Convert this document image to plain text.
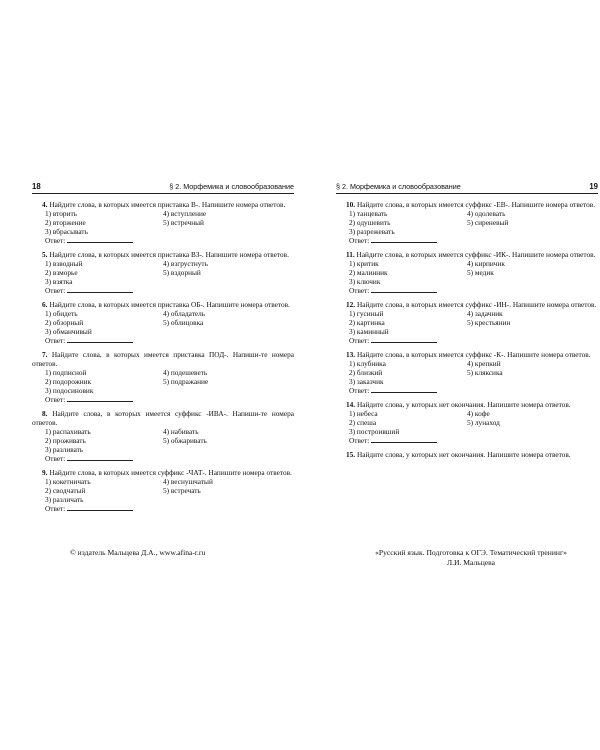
18	§ 2. Морфемика и словообразование
4. Найдите слова, в которых имеется приставка В-. Напишите номера ответов.
1) вторить	4) вступление
2) вторжение	5) встречный
3) вбрасывать
Ответ:
5. Найдите слова, в которых имеется приставка ВЗ-. Напишите номера ответов.
1) взводный	4) взгрустнуть
2) взморье	5) вздорный
3) взятка
Ответ:
6. Найдите слова, в которых имеется приставка ОБ-. Напишите номера ответов.
1) обидеть	4) обладатель
2) обзорный	5) облицовка
3) обманчивый
Ответ:
7. Найдите слова, в которых имеется приставка ПОД-. Напиши-те номера ответов.
1) подписной	4) подешеветь
2) подорожник	5) подражание
3) подосиновик
Ответ:
8. Найдите слова, в которых имеется суффикс -ИВА-. Напиши-те номера ответов.
1) распахивать	4) набивать
2) проживать	5) обжаривать
3) разливать
Ответ:
9. Найдите слова, в которых имеется суффикс -ЧАТ-. Напишите номера ответов.
1) кокетничать	4) веснушчатый
2) сводчатый	5) встречать
3) различать
Ответ:
§ 2. Морфемика и словообразование	19
10. Найдите слова, в которых имеется суффикс -ЕВ-. Напишите номера ответов.
1) танцевать	4) одолевать
2) одушевить	5) сиреневый
3) разрежевать
Ответ:
11. Найдите слова, в которых имеется суффикс -ИК-. Напишите номера ответов.
1) критик	4) кирпичик
2) малинник	5) медик
3) ключик
Ответ:
12. Найдите слова, в которых имеется суффикс -ИН-. Напишите номера ответов.
1) гусиный	4) задачник
2) картинка	5) крестьянин
3) каминный
Ответ:
13. Найдите слова, в которых имеется суффикс -К-. Напишите номера ответов.
1) клубника	4) крепкий
2) близкий	5) кляксика
3) заказчик
Ответ:
14. Найдите слова, у которых нет окончания. Напишите номера ответов.
1) небеса	4) кофе
2) спеша	5) лунаход
3) построивший
Ответ:
15. Найдите слова, у которых нет окончания. Напишите номера ответов.
© издатель Мальцева Д.А., www.afina-r.ru	«Русский язык. Подготовка к ОГЭ. Тематический тренинг»
Л.И. Мальцева
